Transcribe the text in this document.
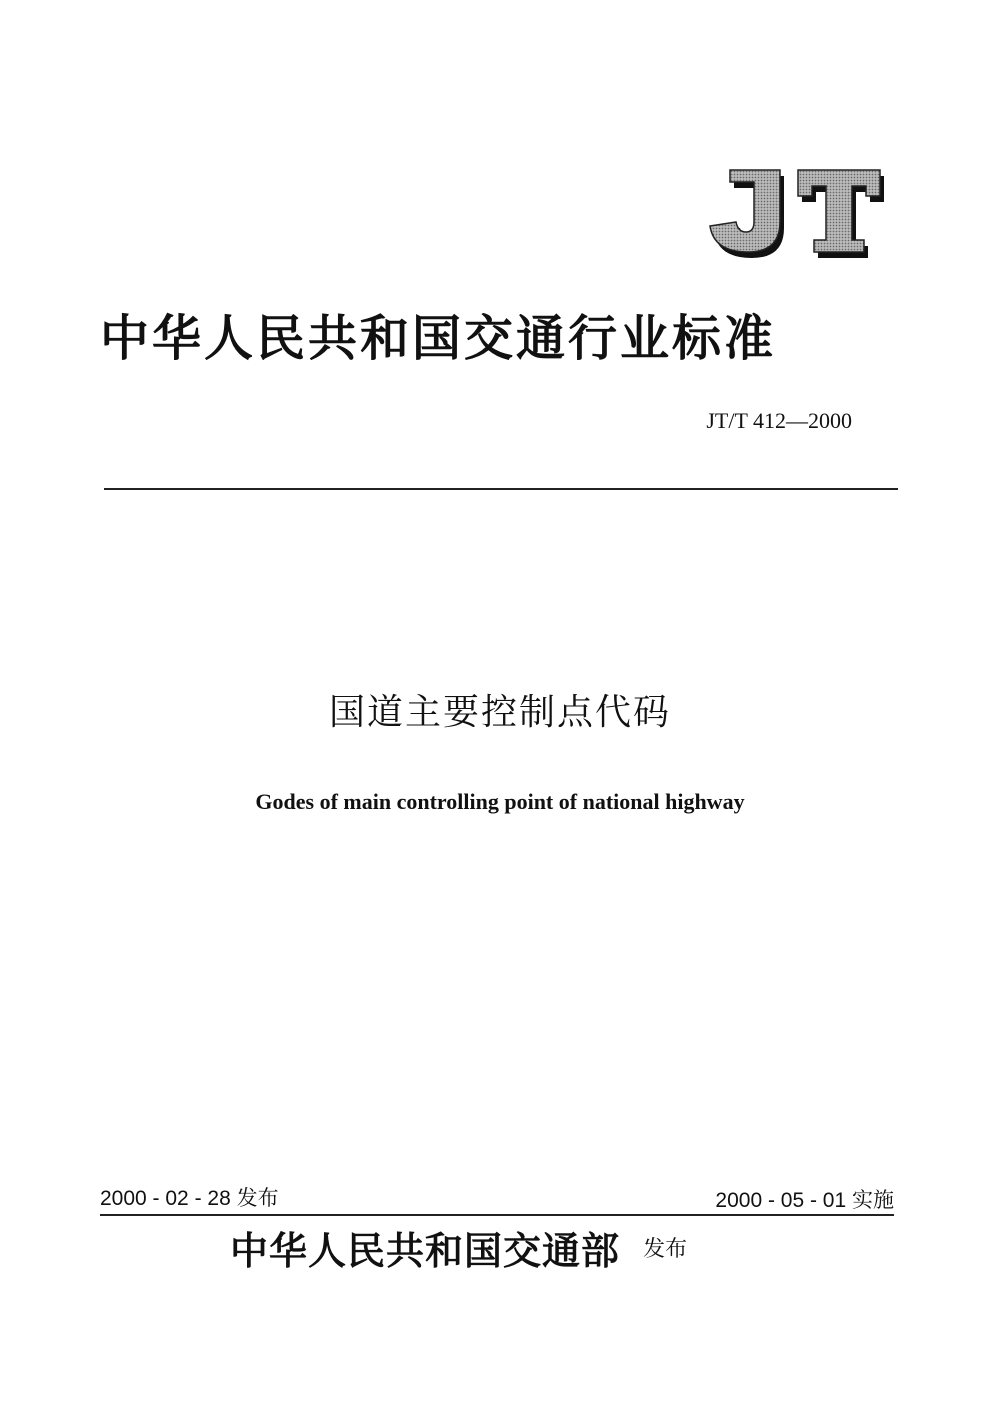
中华人民共和国交通行业标准
JT/T 412—2000
国道主要控制点代码
Godes of main controlling point of national highway
2000 - 02 - 28 发布	2000 - 05 - 01 实施
中华人民共和国交通部 发布
